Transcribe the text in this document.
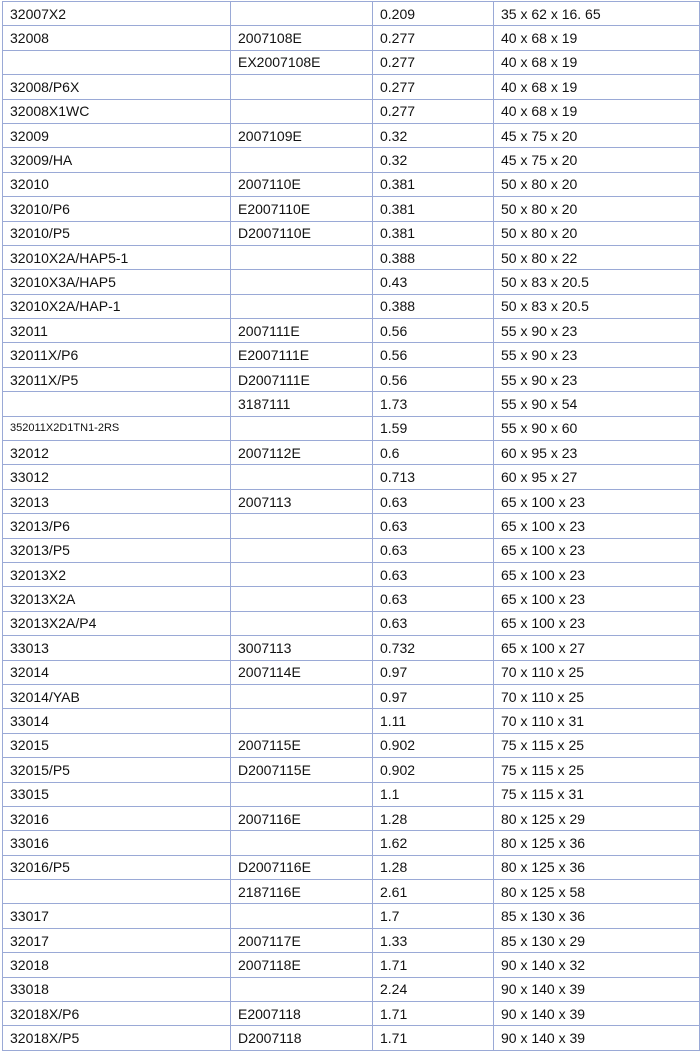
32007X2		0.209	35 x 62 x 16. 65
32008	2007108E	0.277	40 x 68 x 19
	EX2007108E	0.277	40 x 68 x 19
32008/P6X		0.277	40 x 68 x 19
32008X1WC		0.277	40 x 68 x 19
32009	2007109E	0.32	45 x 75 x 20
32009/HA		0.32	45 x 75 x 20
32010	2007110E	0.381	50 x 80 x 20
32010/P6	E2007110E	0.381	50 x 80 x 20
32010/P5	D2007110E	0.381	50 x 80 x 20
32010X2A/HAP5-1		0.388	50 x 80 x 22
32010X3A/HAP5		0.43	50 x 83 x 20.5
32010X2A/HAP-1		0.388	50 x 83 x 20.5
32011	2007111E	0.56	55 x 90 x 23
32011X/P6	E2007111E	0.56	55 x 90 x 23
32011X/P5	D2007111E	0.56	55 x 90 x 23
	3187111	1.73	55 x 90 x 54
352011X2D1TN1-2RS		1.59	55 x 90 x 60
32012	2007112E	0.6	60 x 95 x 23
33012		0.713	60 x 95 x 27
32013	2007113	0.63	65 x 100 x 23
32013/P6		0.63	65 x 100 x 23
32013/P5		0.63	65 x 100 x 23
32013X2		0.63	65 x 100 x 23
32013X2A		0.63	65 x 100 x 23
32013X2A/P4		0.63	65 x 100 x 23
33013	3007113	0.732	65 x 100 x 27
32014	2007114E	0.97	70 x 110 x 25
32014/YAB		0.97	70 x 110 x 25
33014		1.11	70 x 110 x 31
32015	2007115E	0.902	75 x 115 x 25
32015/P5	D2007115E	0.902	75 x 115 x 25
33015		1.1	75 x 115 x 31
32016	2007116E	1.28	80 x 125 x 29
33016		1.62	80 x 125 x 36
32016/P5	D2007116E	1.28	80 x 125 x 36
	2187116E	2.61	80 x 125 x 58
33017		1.7	85 x 130 x 36
32017	2007117E	1.33	85 x 130 x 29
32018	2007118E	1.71	90 x 140 x 32
33018		2.24	90 x 140 x 39
32018X/P6	E2007118	1.71	90 x 140 x 39
32018X/P5	D2007118	1.71	90 x 140 x 39
